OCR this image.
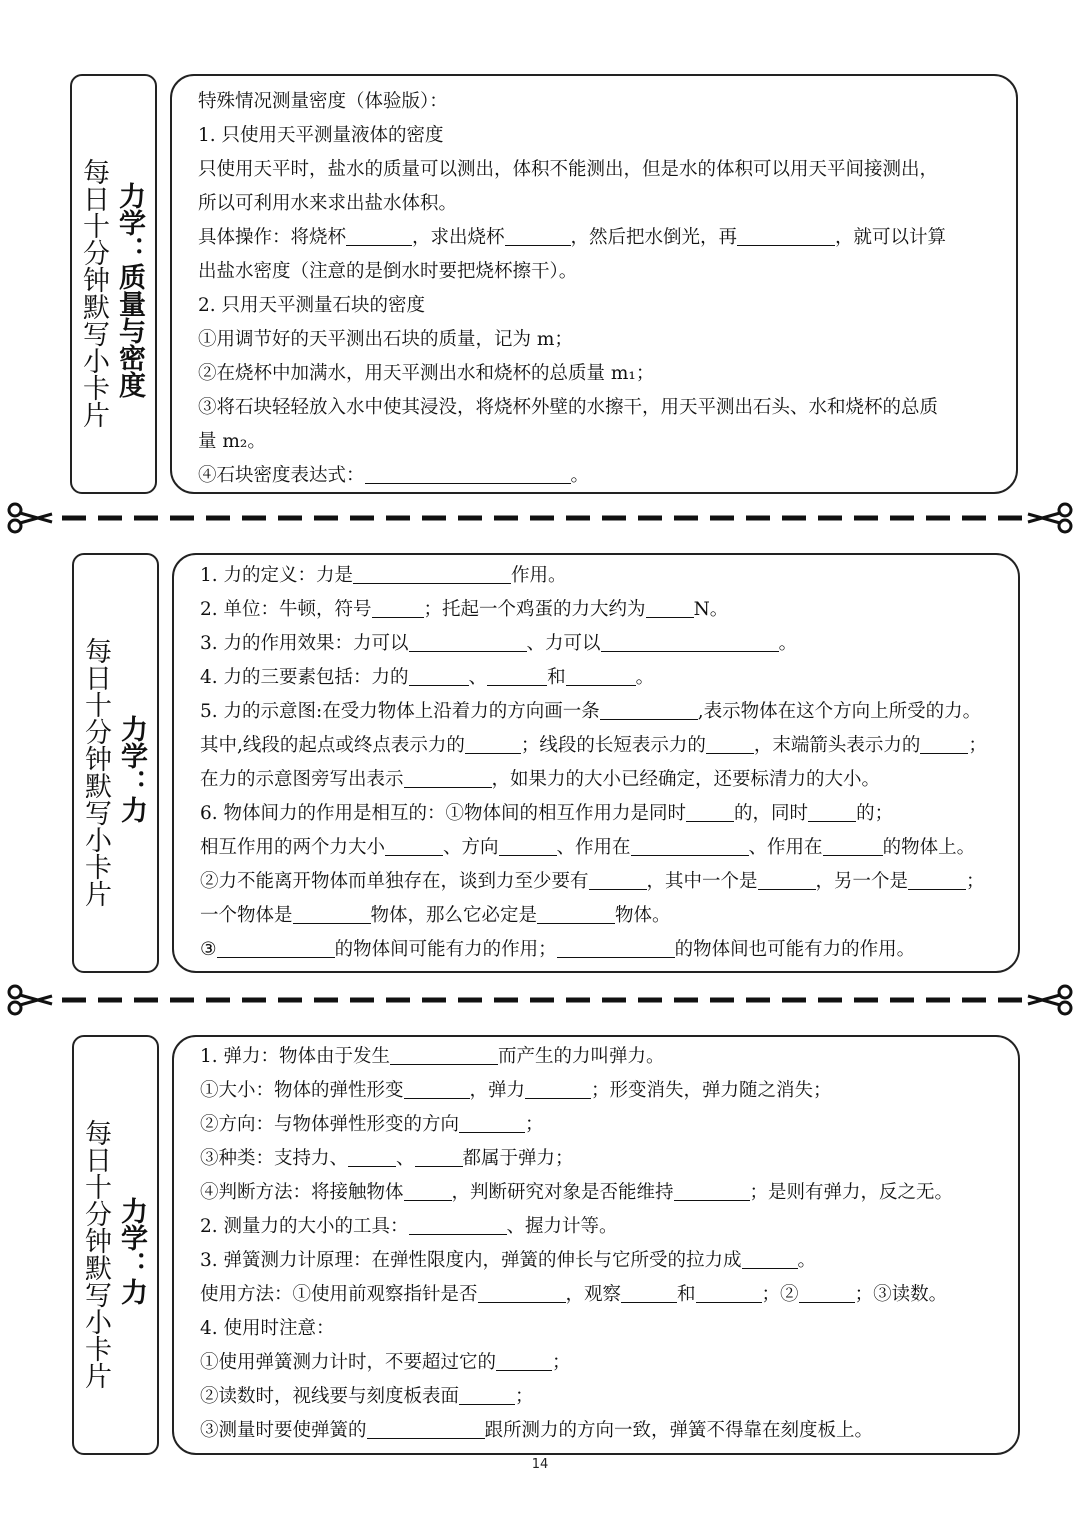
每日十分钟默写小卡片 力学：质量与密度
特殊情况测量密度（体验版）：
1. 只使用天平测量液体的密度
只使用天平时，盐水的质量可以测出，体积不能测出，但是水的体积可以用天平间接测出，
所以可利用水来求出盐水体积。
具体操作：将烧杯	，求出烧杯	，然后把水倒光，再	，就可以计算
出盐水密度（注意的是倒水时要把烧杯擦干）。
2. 只用天平测量石块的密度
①用调节好的天平测出石块的质量，记为 m；
②在烧杯中加满水，用天平测出水和烧杯的总质量 m₁；
③将石块轻轻放入水中使其浸没，将烧杯外壁的水擦干，用天平测出石头、水和烧杯的总质
量 m₂。
④石块密度表达式：	。
每日十分钟默写小卡片 力学：力
1. 力的定义：力是	作用。
2. 单位：牛顿，符号	；托起一个鸡蛋的力大约为	N。
3. 力的作用效果：力可以	、力可以	。
4. 力的三要素包括：力的	、	和	。
5. 力的示意图:在受力物体上沿着力的方向画一条	,表示物体在这个方向上所受的力。
其中,线段的起点或终点表示力的	；线段的长短表示力的	，末端箭头表示力的	；
在力的示意图旁写出表示	，如果力的大小已经确定，还要标清力的大小。
6. 物体间力的作用是相互的：①物体间的相互作用力是同时	的，同时	的；
相互作用的两个力大小	、方向	、作用在	、作用在	的物体上。
②力不能离开物体而单独存在，谈到力至少要有	，其中一个是	，另一个是	；
一个物体是	物体，那么它必定是	物体。
③	的物体间可能有力的作用；	的物体间也可能有力的作用。
每日十分钟默写小卡片 力学：力
1. 弹力：物体由于发生	而产生的力叫弹力。
①大小：物体的弹性形变	，弹力	；形变消失，弹力随之消失；
②方向：与物体弹性形变的方向	；
③种类：支持力、	、	都属于弹力；
④判断方法：将接触物体	，判断研究对象是否能维持	；是则有弹力，反之无。
2. 测量力的大小的工具：	、握力计等。
3. 弹簧测力计原理：在弹性限度内，弹簧的伸长与它所受的拉力成	。
使用方法：①使用前观察指针是否	，观察	和	；②	；③读数。
4. 使用时注意：
①使用弹簧测力计时，不要超过它的	；
②读数时，视线要与刻度板表面	；
③测量时要使弹簧的	跟所测力的方向一致，弹簧不得靠在刻度板上。
14
